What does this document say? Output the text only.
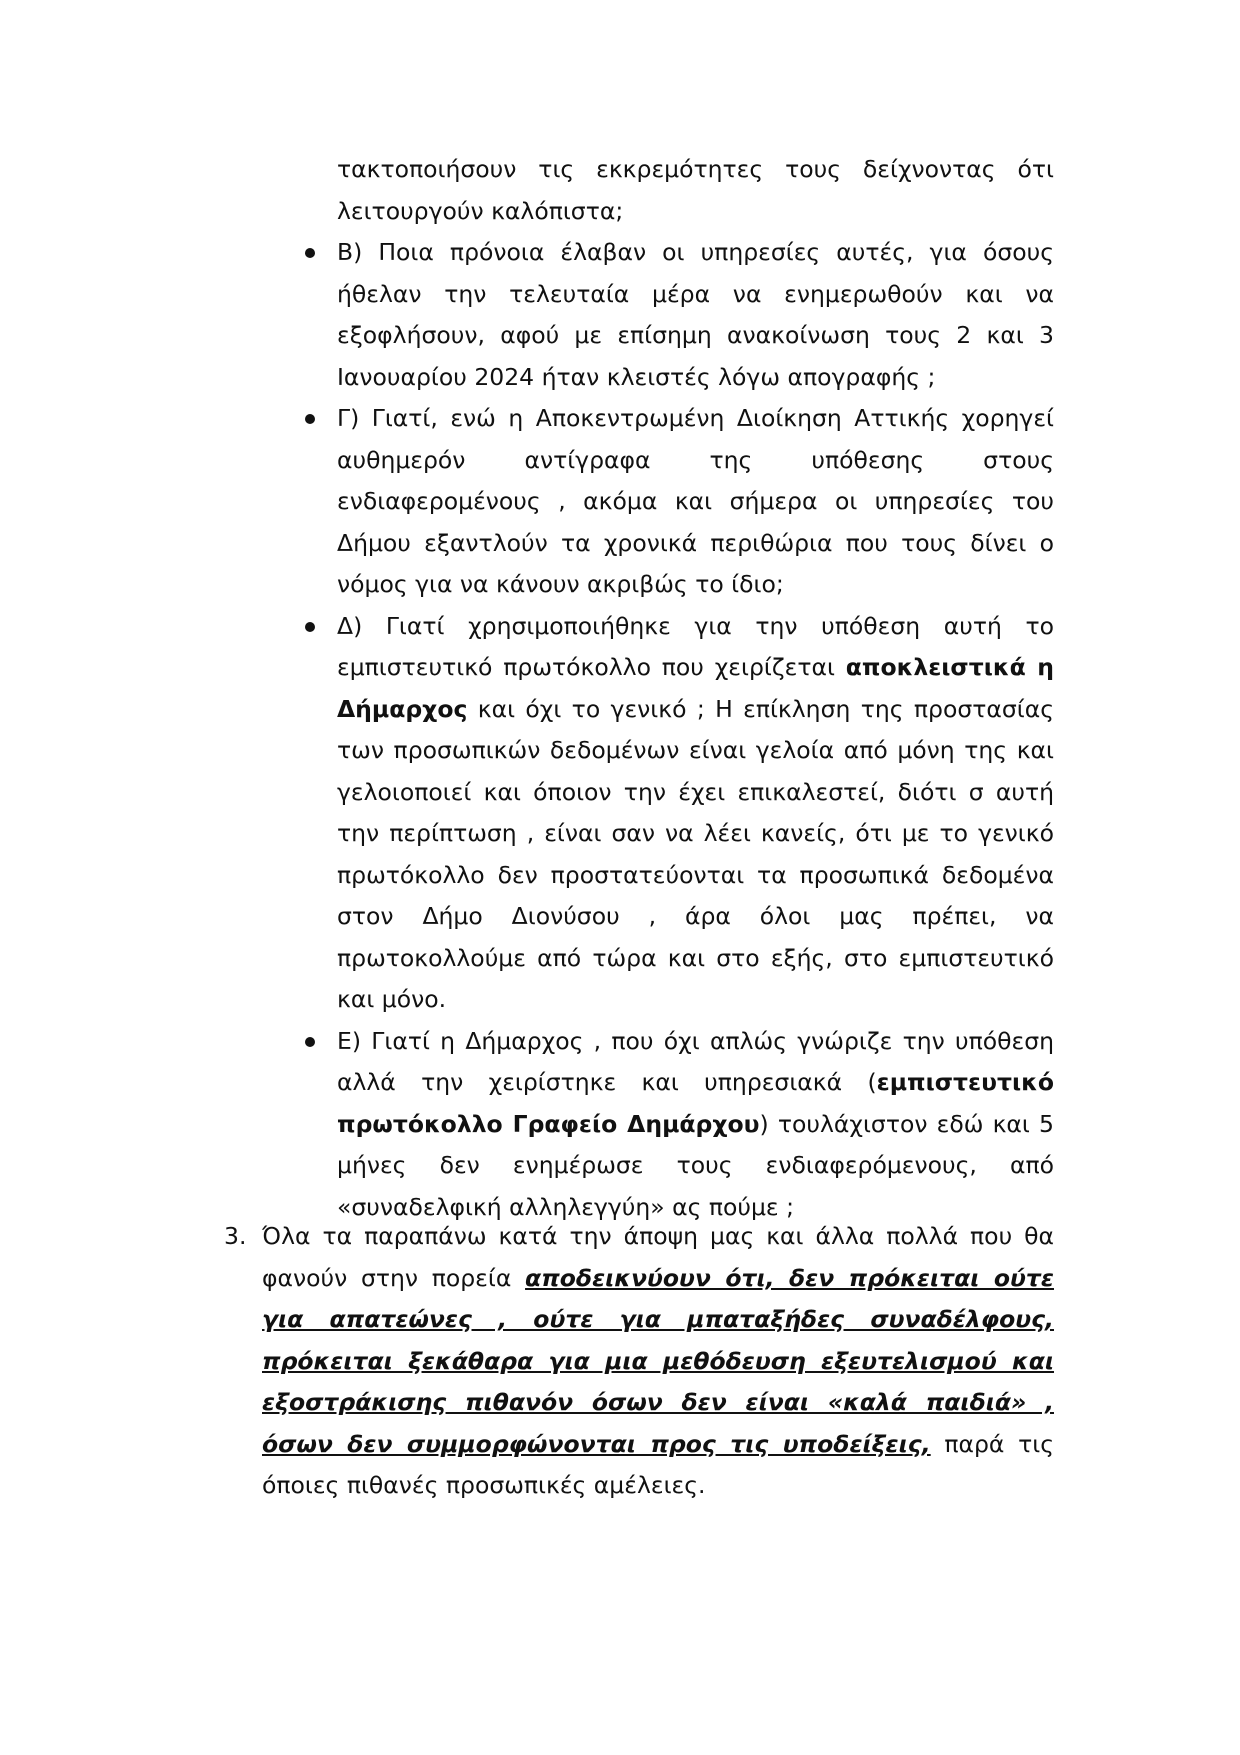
τακτοποιήσουν τις εκκρεμότητες τους δείχνοντας ότι λειτουργούν καλόπιστα;

Β) Ποια πρόνοια έλαβαν οι υπηρεσίες αυτές, για όσους ήθελαν την τελευταία μέρα να ενημερωθούν και να εξοφλήσουν, αφού με επίσημη ανακοίνωση τους 2 και 3 Ιανουαρίου 2024 ήταν κλειστές λόγω απογραφής ;

Γ) Γιατί, ενώ η Αποκεντρωμένη Διοίκηση Αττικής χορηγεί αυθημερόν αντίγραφα της υπόθεσης στους ενδιαφερομένους , ακόμα και σήμερα οι υπηρεσίες του Δήμου εξαντλούν τα χρονικά περιθώρια που τους δίνει ο νόμος για να κάνουν ακριβώς το ίδιο;

Δ) Γιατί χρησιμοποιήθηκε για την υπόθεση αυτή το εμπιστευτικό πρωτόκολλο που χειρίζεται αποκλειστικά η Δήμαρχος και όχι το γενικό ; Η επίκληση της προστασίας των προσωπικών δεδομένων είναι γελοία από μόνη της και γελοιοποιεί και όποιον την έχει επικαλεστεί, διότι σ αυτή την περίπτωση , είναι σαν να λέει κανείς, ότι με το γενικό πρωτόκολλο δεν προστατεύονται τα προσωπικά δεδομένα στον Δήμο Διονύσου , άρα όλοι μας πρέπει, να πρωτοκολλούμε από τώρα και στο εξής, στο εμπιστευτικό και μόνο.

Ε) Γιατί η Δήμαρχος , που όχι απλώς γνώριζε την υπόθεση αλλά την χειρίστηκε και υπηρεσιακά (εμπιστευτικό πρωτόκολλο Γραφείο Δημάρχου) τουλάχιστον εδώ και 5 μήνες δεν ενημέρωσε τους ενδιαφερόμενους, από «συναδελφική αλληλεγγύη» ας πούμε ;

3. Όλα τα παραπάνω κατά την άποψη μας και άλλα πολλά που θα φανούν στην πορεία αποδεικνύουν ότι, δεν πρόκειται ούτε για απατεώνες , ούτε για μπαταξήδες συναδέλφους, πρόκειται ξεκάθαρα για μια μεθόδευση εξευτελισμού και εξοστράκισης πιθανόν όσων δεν είναι «καλά παιδιά» , όσων δεν συμμορφώνονται προς τις υποδείξεις, παρά τις όποιες πιθανές προσωπικές αμέλειες.
